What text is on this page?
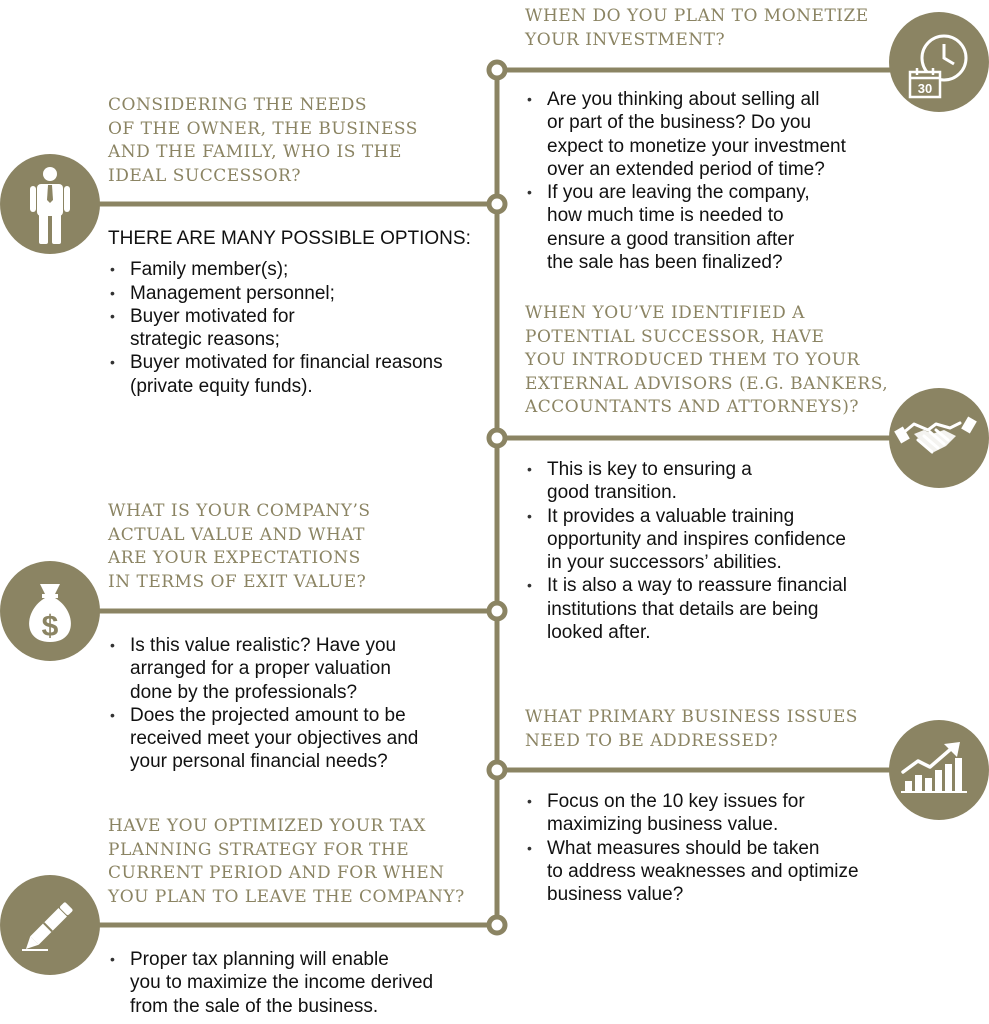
$
30
CONSIDERING THE NEEDS
OF THE OWNER, THE BUSINESS
AND THE FAMILY, WHO IS THE
IDEAL SUCCESSOR?
THERE ARE MANY POSSIBLE OPTIONS:
• Family member(s);
• Management personnel;
• Buyer motivated for
strategic reasons;
• Buyer motivated for financial reasons
(private equity funds).
WHAT IS YOUR COMPANY’S
ACTUAL VALUE AND WHAT
ARE YOUR EXPECTATIONS
IN TERMS OF EXIT VALUE?
• Is this value realistic? Have you
arranged for a proper valuation
done by the professionals?
• Does the projected amount to be
received meet your objectives and
your personal financial needs?
HAVE YOU OPTIMIZED YOUR TAX
PLANNING STRATEGY FOR THE
CURRENT PERIOD AND FOR WHEN
YOU PLAN TO LEAVE THE COMPANY?
• Proper tax planning will enable
you to maximize the income derived
from the sale of the business.
WHEN DO YOU PLAN TO MONETIZE
YOUR INVESTMENT?
• Are you thinking about selling all
or part of the business? Do you
expect to monetize your investment
over an extended period of time?
• If you are leaving the company,
how much time is needed to
ensure a good transition after
the sale has been finalized?
WHEN YOU’VE IDENTIFIED A
POTENTIAL SUCCESSOR, HAVE
YOU INTRODUCED THEM TO YOUR
EXTERNAL ADVISORS (E.G. BANKERS,
ACCOUNTANTS AND ATTORNEYS)?
• This is key to ensuring a
good transition.
• It provides a valuable training
opportunity and inspires confidence
in your successors’ abilities.
• It is also a way to reassure financial
institutions that details are being
looked after.
WHAT PRIMARY BUSINESS ISSUES
NEED TO BE ADDRESSED?
• Focus on the 10 key issues for
maximizing business value.
• What measures should be taken
to address weaknesses and optimize
business value?
